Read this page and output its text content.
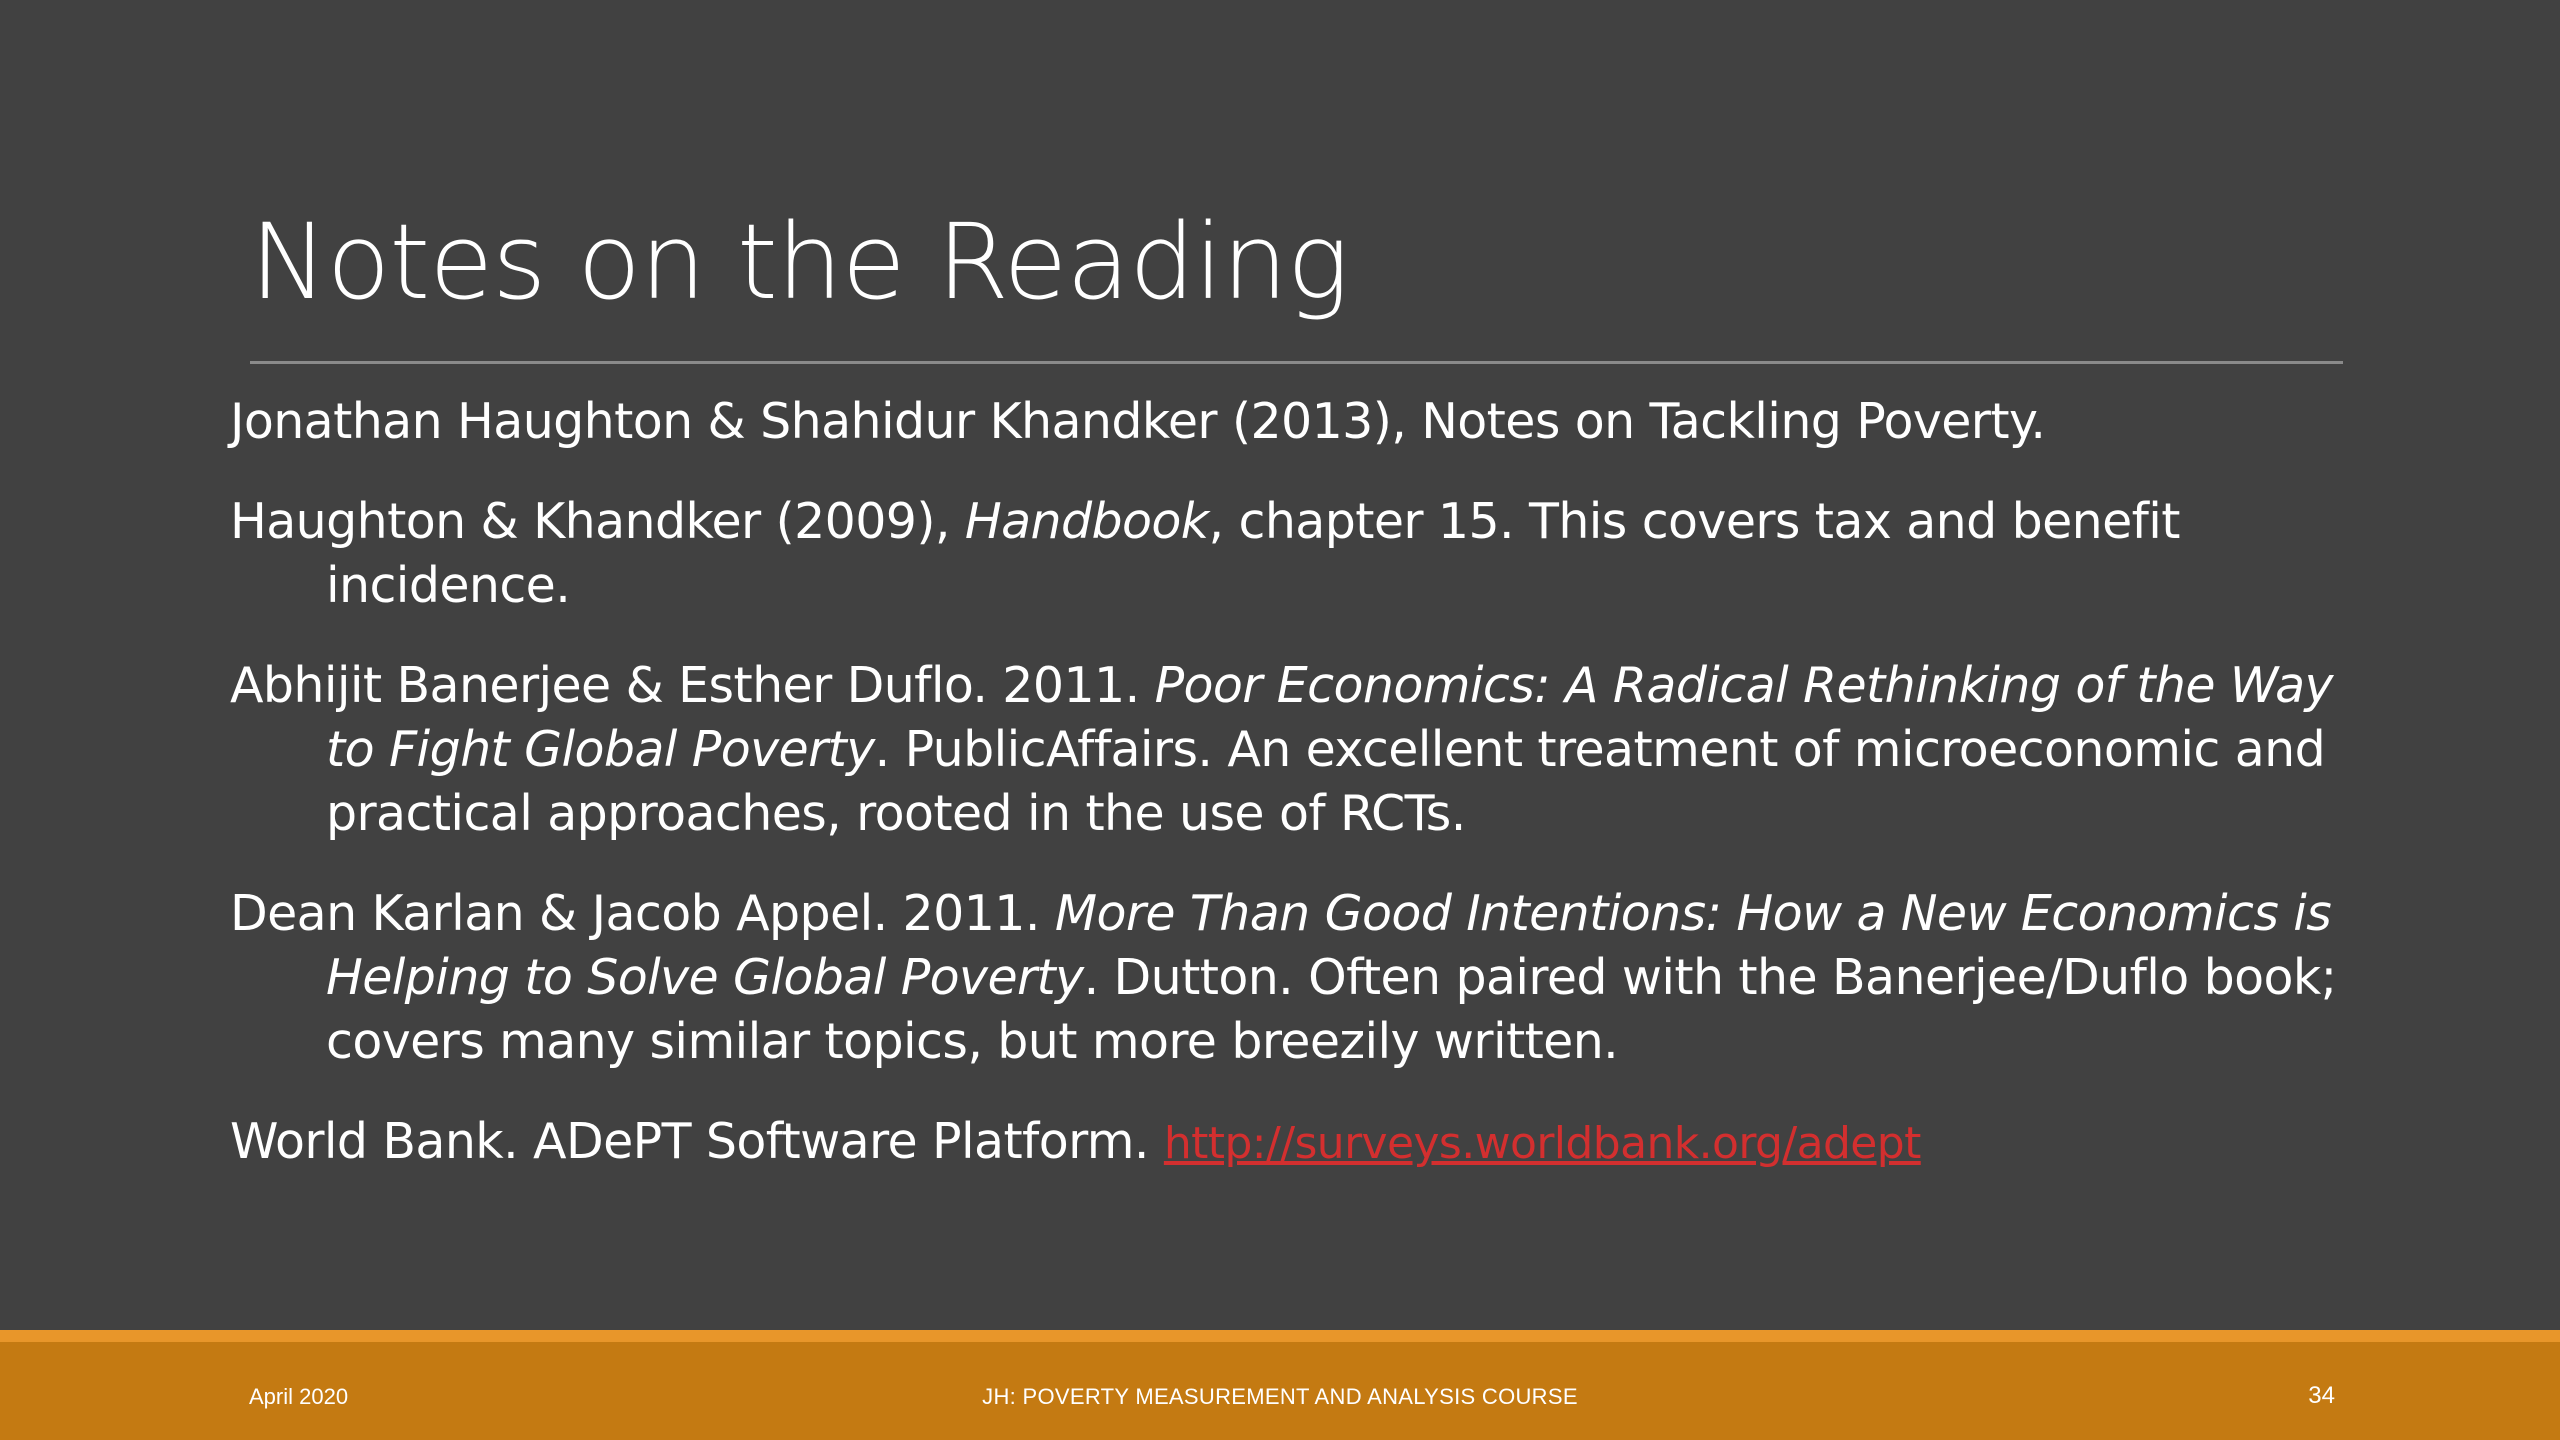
Notes on the Reading

Jonathan Haughton & Shahidur Khandker (2013), Notes on Tackling Poverty.

Haughton & Khandker (2009), Handbook, chapter 15. This covers tax and benefit incidence.

Abhijit Banerjee & Esther Duflo. 2011. Poor Economics: A Radical Rethinking of the Way to Fight Global Poverty. PublicAffairs. An excellent treatment of microeconomic and practical approaches, rooted in the use of RCTs.

Dean Karlan & Jacob Appel. 2011. More Than Good Intentions: How a New Economics is Helping to Solve Global Poverty. Dutton. Often paired with the Banerjee/Duflo book; covers many similar topics, but more breezily written.

World Bank. ADePT Software Platform. http://surveys.worldbank.org/adept

April 2020	JH: POVERTY MEASUREMENT AND ANALYSIS COURSE	34
